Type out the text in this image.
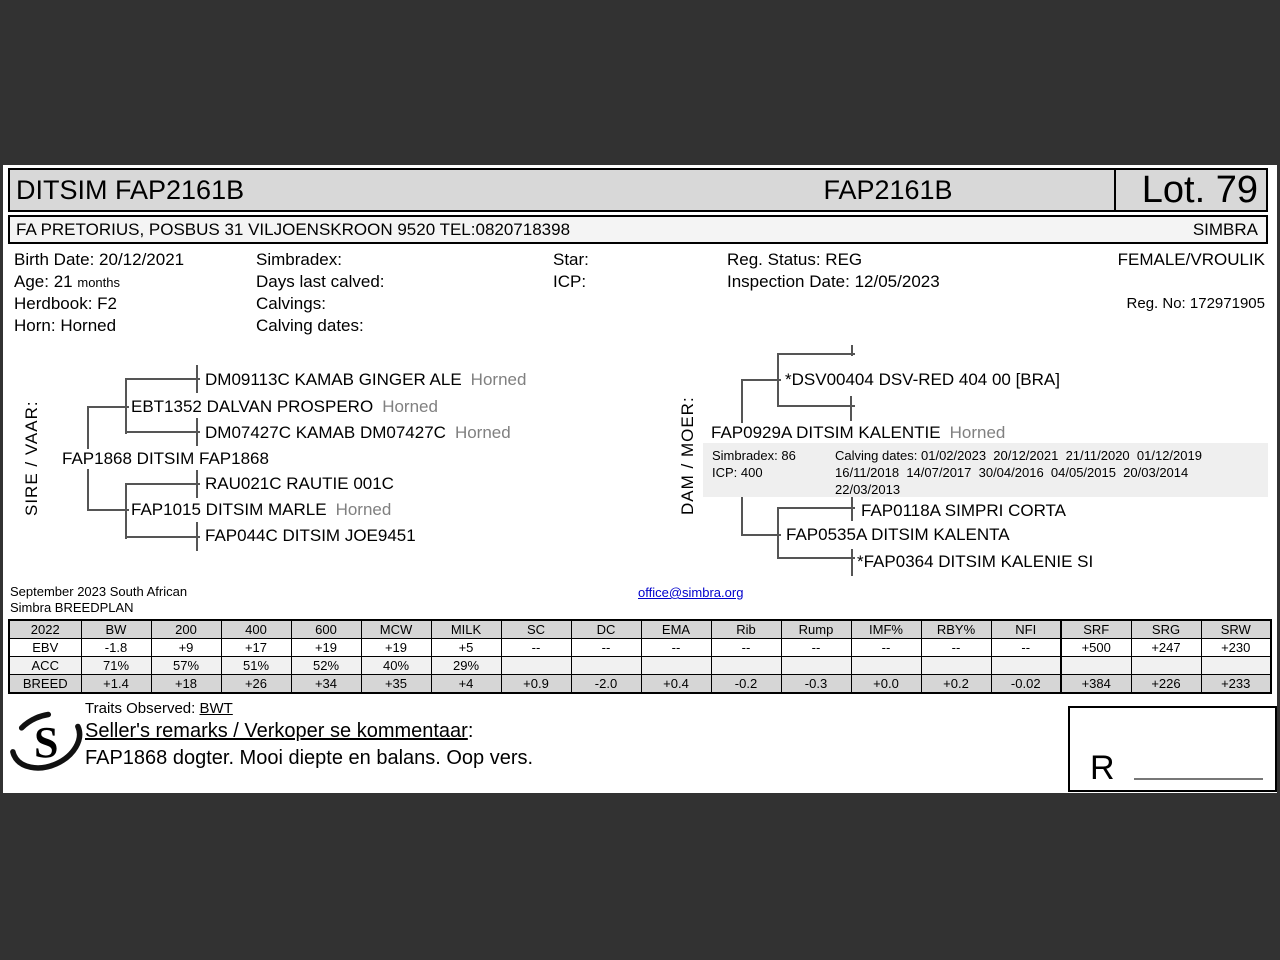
DITSIM FAP2161B	FAP2161B	Lot. 79
FA PRETORIUS, POSBUS 31 VILJOENSKROON 9520 TEL:0820718398	SIMBRA
Birth Date: 20/12/2021
Age: 21 months
Herdbook: F2
Horn: Horned
Simbradex:
Days last calved:
Calvings:
Calving dates:
Star:
ICP:
Reg. Status: REG
Inspection Date: 12/05/2023
FEMALE/VROULIK
Reg. No: 172971905
SIRE / VAAR:
DM09113C KAMAB GINGER ALE Horned
EBT1352 DALVAN PROSPERO Horned
DM07427C KAMAB DM07427C Horned
FAP1868 DITSIM FAP1868
RAU021C RAUTIE 001C
FAP1015 DITSIM MARLE Horned
FAP044C DITSIM JOE9451
DAM / MOER:
*DSV00404 DSV-RED 404 00 [BRA]
FAP0929A DITSIM KALENTIE Horned
Simbradex: 86
ICP: 400
Calving dates: 01/02/2023  20/12/2021  21/11/2020  01/12/2019
16/11/2018  14/07/2017  30/04/2016  04/05/2015  20/03/2014
22/03/2013
FAP0118A SIMPRI CORTA
FAP0535A DITSIM KALENTA
*FAP0364 DITSIM KALENIE SI
September 2023 South African
Simbra BREEDPLAN
office@simbra.org
2022	BW	200	400	600	MCW	MILK	SC	DC	EMA	Rib	Rump	IMF%	RBY%	NFI	SRF	SRG	SRW
EBV	-1.8	+9	+17	+19	+19	+5	--	--	--	--	--	--	--	--	+500	+247	+230
ACC	71%	57%	51%	52%	40%	29%											
BREED	+1.4	+18	+26	+34	+35	+4	+0.9	-2.0	+0.4	-0.2	-0.3	+0.0	+0.2	-0.02	+384	+226	+233
S
Traits Observed: BWT
Seller's remarks / Verkoper se kommentaar:
FAP1868 dogter. Mooi diepte en balans. Oop vers.	R
